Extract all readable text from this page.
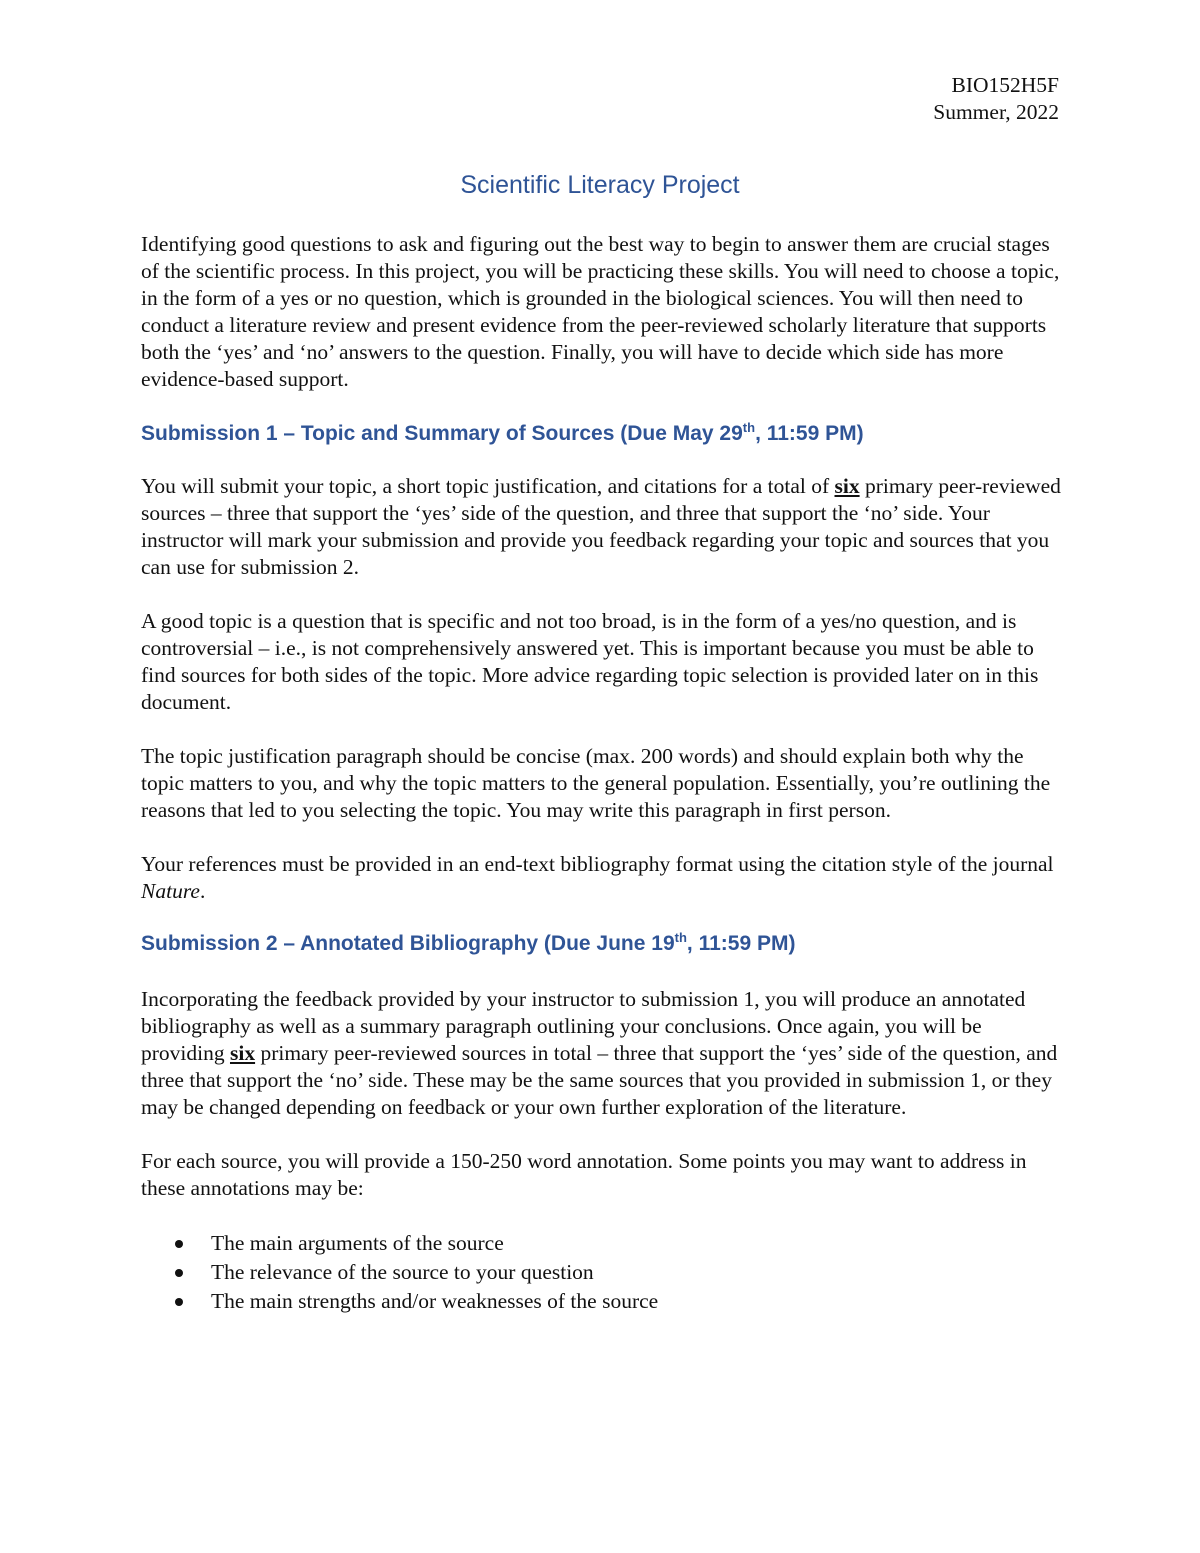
BIO152H5F
Summer, 2022
Scientific Literacy Project

Identifying good questions to ask and figuring out the best way to begin to answer them are crucial stages of the scientific process. In this project, you will be practicing these skills. You will need to choose a topic, in the form of a yes or no question, which is grounded in the biological sciences. You will then need to conduct a literature review and present evidence from the peer-reviewed scholarly literature that supports both the ‘yes’ and ‘no’ answers to the question. Finally, you will have to decide which side has more evidence-based support.

Submission 1 – Topic and Summary of Sources (Due May 29th, 11:59 PM)

You will submit your topic, a short topic justification, and citations for a total of six primary peer-reviewed sources – three that support the ‘yes’ side of the question, and three that support the ‘no’ side. Your instructor will mark your submission and provide you feedback regarding your topic and sources that you can use for submission 2.

A good topic is a question that is specific and not too broad, is in the form of a yes/no question, and is controversial – i.e., is not comprehensively answered yet. This is important because you must be able to find sources for both sides of the topic. More advice regarding topic selection is provided later on in this document.

The topic justification paragraph should be concise (max. 200 words) and should explain both why the topic matters to you, and why the topic matters to the general population. Essentially, you’re outlining the reasons that led to you selecting the topic. You may write this paragraph in first person.

Your references must be provided in an end-text bibliography format using the citation style of the journal Nature.

Submission 2 – Annotated Bibliography (Due June 19th, 11:59 PM)

Incorporating the feedback provided by your instructor to submission 1, you will produce an annotated bibliography as well as a summary paragraph outlining your conclusions. Once again, you will be providing six primary peer-reviewed sources in total – three that support the ‘yes’ side of the question, and three that support the ‘no’ side. These may be the same sources that you provided in submission 1, or they may be changed depending on feedback or your own further exploration of the literature.

For each source, you will provide a 150-250 word annotation. Some points you may want to address in these annotations may be:

The main arguments of the source
The relevance of the source to your question
The main strengths and/or weaknesses of the source
